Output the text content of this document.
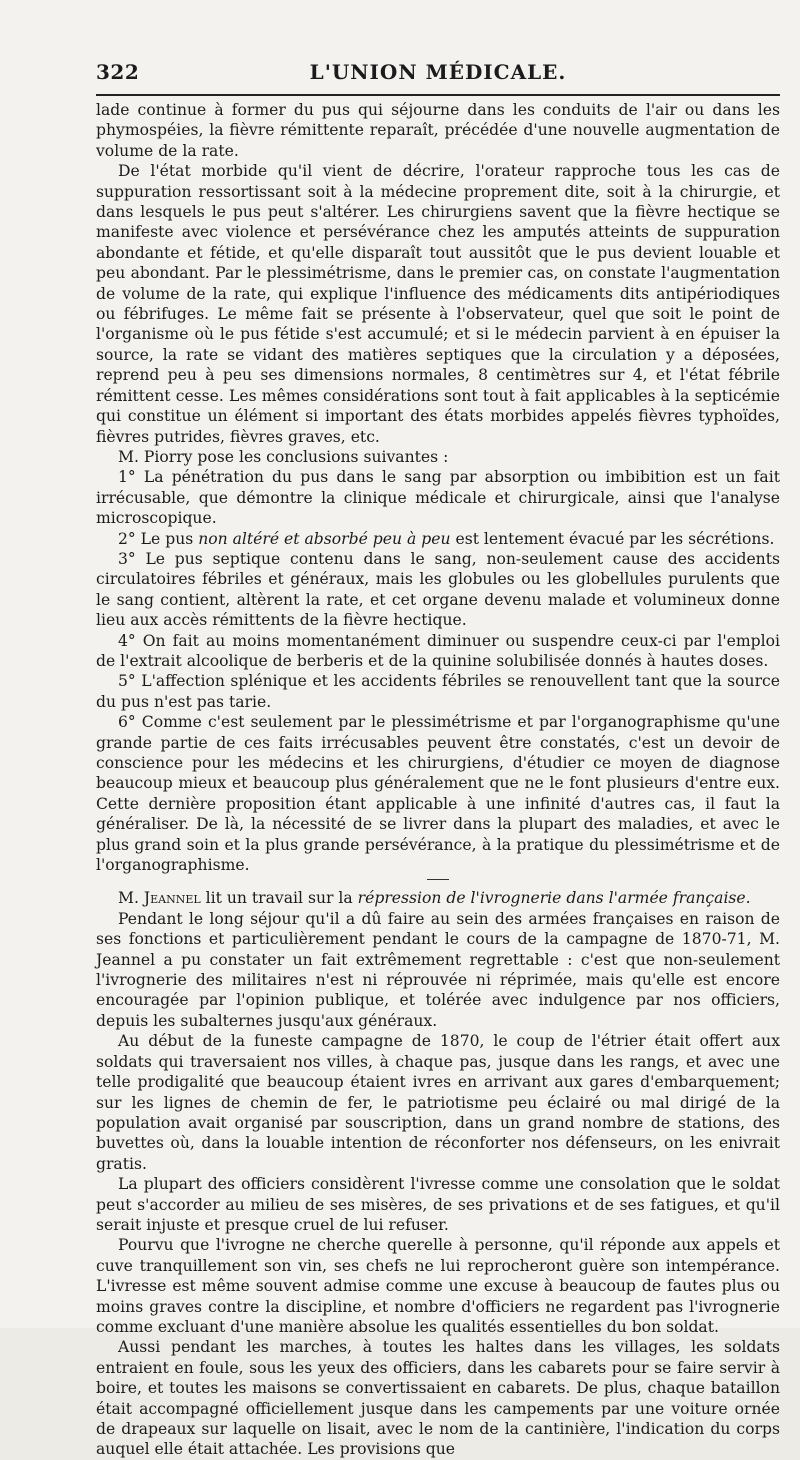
322	L'UNION MÉDICALE.

lade continue à former du pus qui séjourne dans les conduits de l'air ou dans les phymospéies, la fièvre rémittente reparaît, précédée d'une nouvelle augmentation de volume de la rate.

De l'état morbide qu'il vient de décrire, l'orateur rapproche tous les cas de suppuration ressortissant soit à la médecine proprement dite, soit à la chirurgie, et dans lesquels le pus peut s'altérer. Les chirurgiens savent que la fièvre hectique se manifeste avec violence et persévérance chez les amputés atteints de suppuration abondante et fétide, et qu'elle disparaît tout aussitôt que le pus devient louable et peu abondant. Par le plessimétrisme, dans le premier cas, on constate l'augmentation de volume de la rate, qui explique l'influence des médicaments dits antipériodiques ou fébrifuges. Le même fait se présente à l'observateur, quel que soit le point de l'organisme où le pus fétide s'est accumulé; et si le médecin parvient à en épuiser la source, la rate se vidant des matières septiques que la circulation y a déposées, reprend peu à peu ses dimensions normales, 8 centimètres sur 4, et l'état fébrile rémittent cesse. Les mêmes considérations sont tout à fait applicables à la septicémie qui constitue un élément si important des états morbides appelés fièvres typhoïdes, fièvres putrides, fièvres graves, etc.

M. Piorry pose les conclusions suivantes :

1° La pénétration du pus dans le sang par absorption ou imbibition est un fait irrécusable, que démontre la clinique médicale et chirurgicale, ainsi que l'analyse microscopique.

2° Le pus non altéré et absorbé peu à peu est lentement évacué par les sécrétions.

3° Le pus septique contenu dans le sang, non-seulement cause des accidents circulatoires fébriles et généraux, mais les globules ou les globellules purulents que le sang contient, altèrent la rate, et cet organe devenu malade et volumineux donne lieu aux accès rémittents de la fièvre hectique.

4° On fait au moins momentanément diminuer ou suspendre ceux-ci par l'emploi de l'extrait alcoolique de berberis et de la quinine solubilisée donnés à hautes doses.

5° L'affection splénique et les accidents fébriles se renouvellent tant que la source du pus n'est pas tarie.

6° Comme c'est seulement par le plessimétrisme et par l'organographisme qu'une grande partie de ces faits irrécusables peuvent être constatés, c'est un devoir de conscience pour les médecins et les chirurgiens, d'étudier ce moyen de diagnose beaucoup mieux et beaucoup plus généralement que ne le font plusieurs d'entre eux. Cette dernière proposition étant applicable à une infinité d'autres cas, il faut la généraliser. De là, la nécessité de se livrer dans la plupart des maladies, et avec le plus grand soin et la plus grande persévérance, à la pratique du plessimétrisme et de l'organographisme.

M. Jeannel lit un travail sur la répression de l'ivrognerie dans l'armée française.

Pendant le long séjour qu'il a dû faire au sein des armées françaises en raison de ses fonctions et particulièrement pendant le cours de la campagne de 1870-71, M. Jeannel a pu constater un fait extrêmement regrettable : c'est que non-seulement l'ivrognerie des militaires n'est ni réprouvée ni réprimée, mais qu'elle est encore encouragée par l'opinion publique, et tolérée avec indulgence par nos officiers, depuis les subalternes jusqu'aux généraux.

Au début de la funeste campagne de 1870, le coup de l'étrier était offert aux soldats qui traversaient nos villes, à chaque pas, jusque dans les rangs, et avec une telle prodigalité que beaucoup étaient ivres en arrivant aux gares d'embarquement; sur les lignes de chemin de fer, le patriotisme peu éclairé ou mal dirigé de la population avait organisé par souscription, dans un grand nombre de stations, des buvettes où, dans la louable intention de réconforter nos défenseurs, on les enivrait gratis.

La plupart des officiers considèrent l'ivresse comme une consolation que le soldat peut s'accorder au milieu de ses misères, de ses privations et de ses fatigues, et qu'il serait injuste et presque cruel de lui refuser.

Pourvu que l'ivrogne ne cherche querelle à personne, qu'il réponde aux appels et cuve tranquillement son vin, ses chefs ne lui reprocheront guère son intempérance. L'ivresse est même souvent admise comme une excuse à beaucoup de fautes plus ou moins graves contre la discipline, et nombre d'officiers ne regardent pas l'ivrognerie comme excluant d'une manière absolue les qualités essentielles du bon soldat.

Aussi pendant les marches, à toutes les haltes dans les villages, les soldats entraient en foule, sous les yeux des officiers, dans les cabarets pour se faire servir à boire, et toutes les maisons se convertissaient en cabarets. De plus, chaque bataillon était accompagné officiellement jusque dans les campements par une voiture ornée de drapeaux sur laquelle on lisait, avec le nom de la cantinière, l'indication du corps auquel elle était attachée. Les provisions que
